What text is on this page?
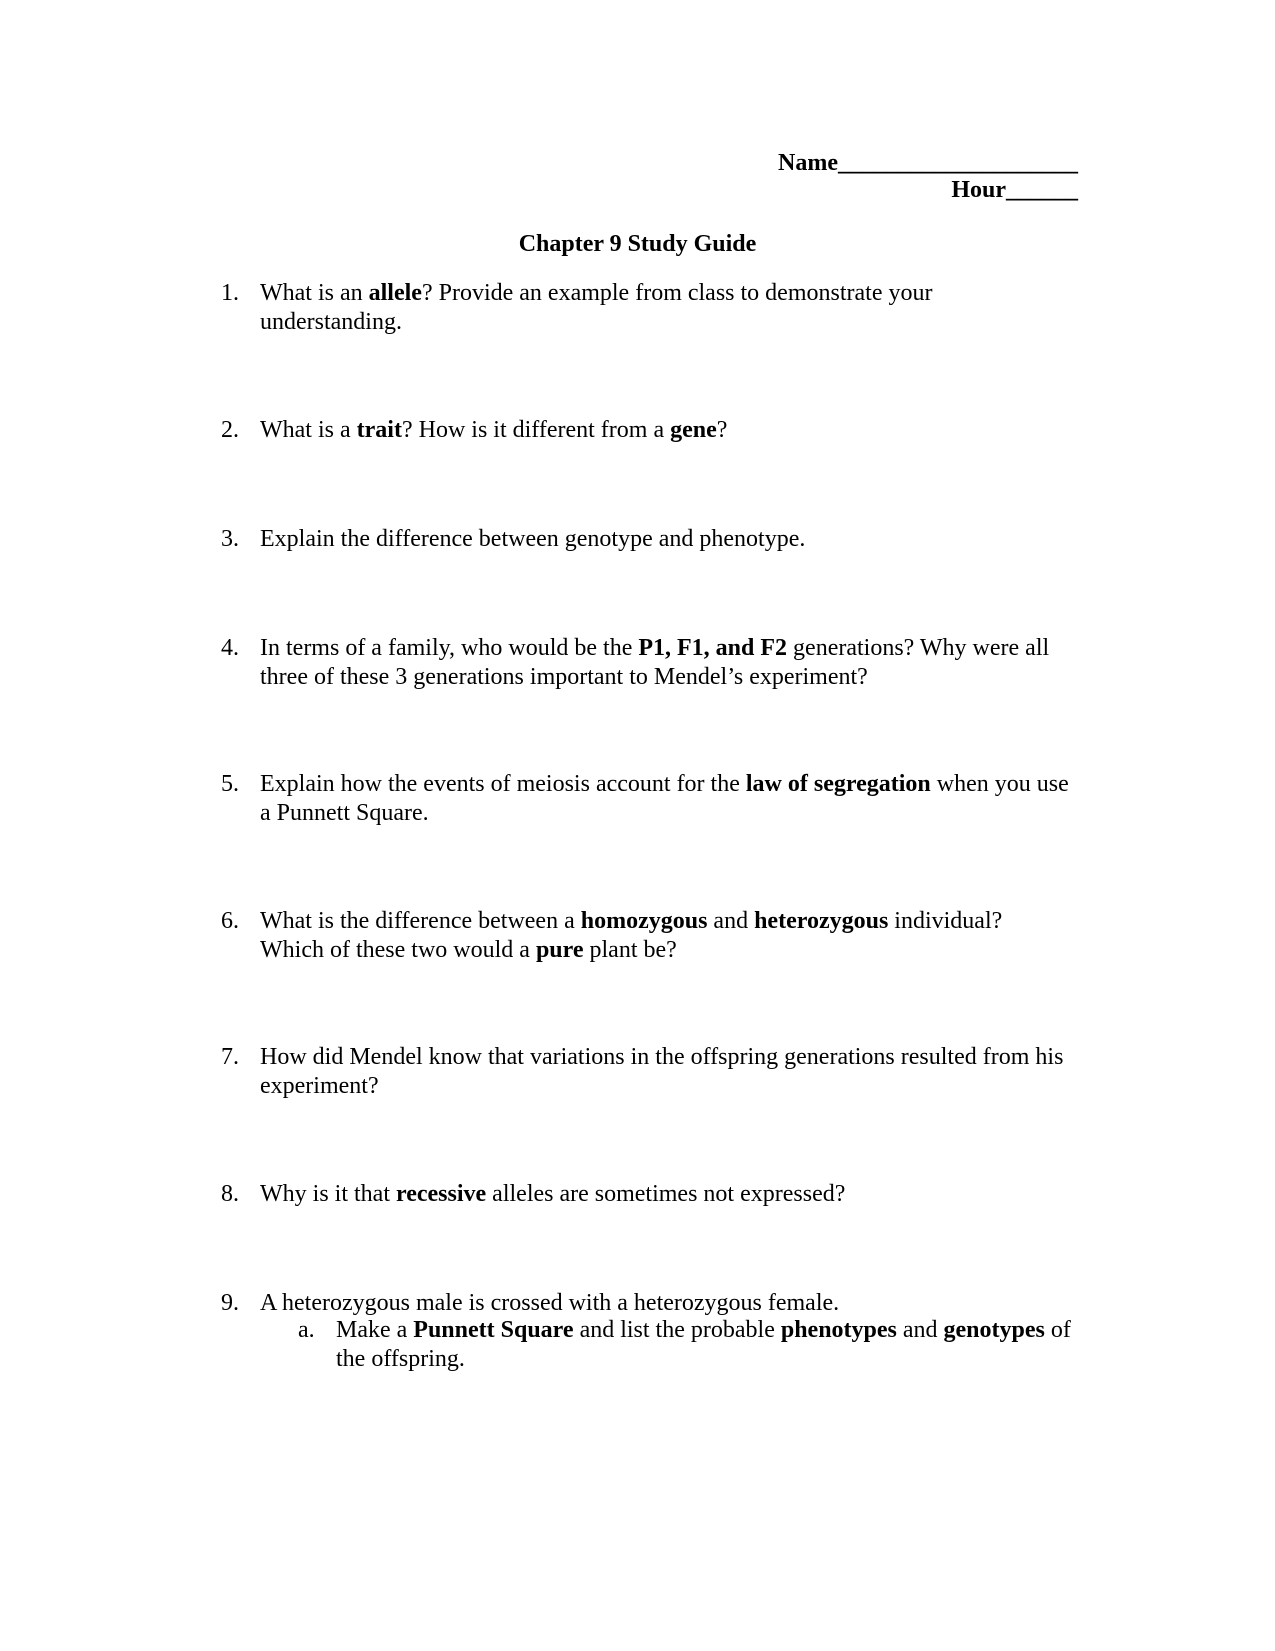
Name____________________
Hour______
Chapter 9 Study Guide
1. What is an allele? Provide an example from class to demonstrate your understanding.
2. What is a trait? How is it different from a gene?
3. Explain the difference between genotype and phenotype.
4. In terms of a family, who would be the P1, F1, and F2 generations? Why were all three of these 3 generations important to Mendel’s experiment?
5. Explain how the events of meiosis account for the law of segregation when you use a Punnett Square.
6. What is the difference between a homozygous and heterozygous individual? Which of these two would a pure plant be?
7. How did Mendel know that variations in the offspring generations resulted from his experiment?
8. Why is it that recessive alleles are sometimes not expressed?
9. A heterozygous male is crossed with a heterozygous female.
a. Make a Punnett Square and list the probable phenotypes and genotypes of the offspring.
